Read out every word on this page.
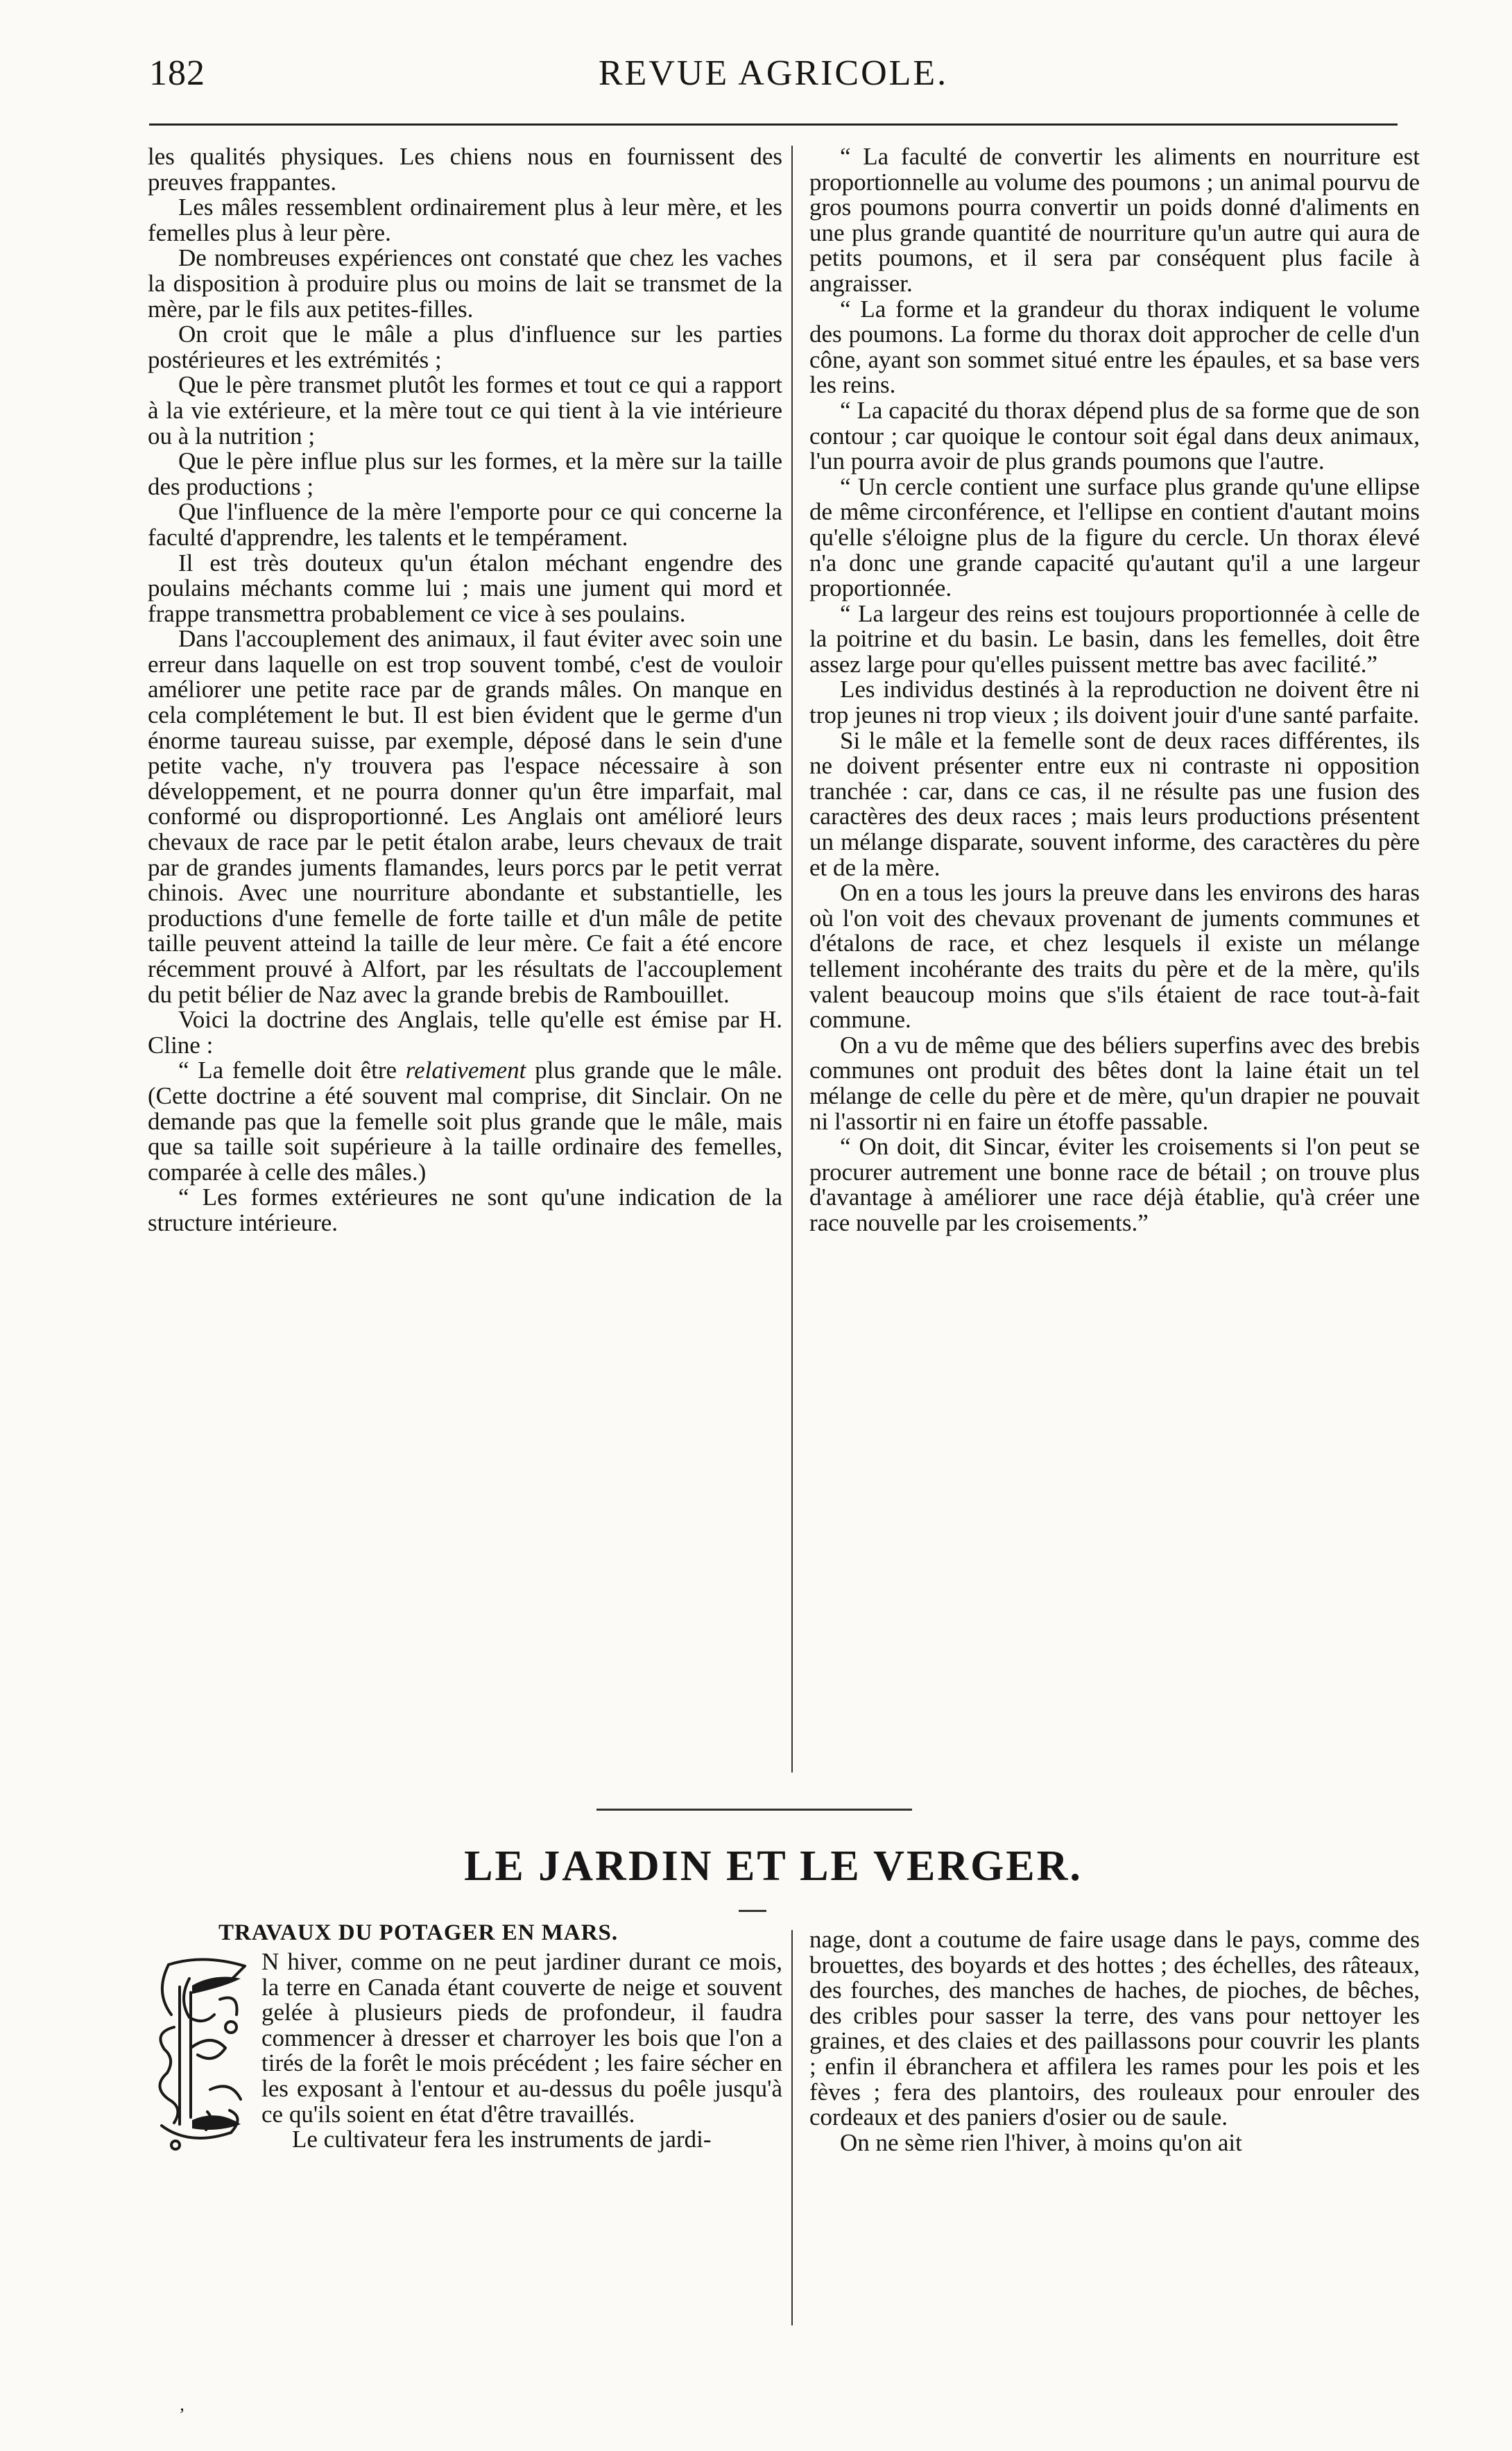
182	REVUE AGRICOLE.

les qualités physiques. Les chiens nous en fournissent des preuves frappantes.

Les mâles ressemblent ordinairement plus à leur mère, et les femelles plus à leur père.

De nombreuses expériences ont constaté que chez les vaches la disposition à produire plus ou moins de lait se transmet de la mère, par le fils aux petites-filles.

On croit que le mâle a plus d'influence sur les parties postérieures et les extrémités ;

Que le père transmet plutôt les formes et tout ce qui a rapport à la vie extérieure, et la mère tout ce qui tient à la vie intérieure ou à la nutrition ;

Que le père influe plus sur les formes, et la mère sur la taille des productions ;

Que l'influence de la mère l'emporte pour ce qui concerne la faculté d'apprendre, les talents et le tempérament.

Il est très douteux qu'un étalon méchant engendre des poulains méchants comme lui ; mais une jument qui mord et frappe transmettra probablement ce vice à ses poulains.

Dans l'accouplement des animaux, il faut éviter avec soin une erreur dans laquelle on est trop souvent tombé, c'est de vouloir améliorer une petite race par de grands mâles. On manque en cela complétement le but. Il est bien évident que le germe d'un énorme taureau suisse, par exemple, déposé dans le sein d'une petite vache, n'y trouvera pas l'espace nécessaire à son développement, et ne pourra donner qu'un être imparfait, mal conformé ou disproportionné. Les Anglais ont amélioré leurs chevaux de race par le petit étalon arabe, leurs chevaux de trait par de grandes juments flamandes, leurs porcs par le petit verrat chinois. Avec une nourriture abondante et substantielle, les productions d'une femelle de forte taille et d'un mâle de petite taille peuvent atteind la taille de leur mère. Ce fait a été encore récemment prouvé à Alfort, par les résultats de l'accouplement du petit bélier de Naz avec la grande brebis de Rambouillet.

Voici la doctrine des Anglais, telle qu'elle est émise par H. Cline :

“ La femelle doit être relativement plus grande que le mâle. (Cette doctrine a été souvent mal comprise, dit Sinclair. On ne demande pas que la femelle soit plus grande que le mâle, mais que sa taille soit supérieure à la taille ordinaire des femelles, comparée à celle des mâles.)

“ Les formes extérieures ne sont qu'une indication de la structure intérieure.

“ La faculté de convertir les aliments en nourriture est proportionnelle au volume des poumons ; un animal pourvu de gros poumons pourra convertir un poids donné d'aliments en une plus grande quantité de nourriture qu'un autre qui aura de petits poumons, et il sera par conséquent plus facile à angraisser.

“ La forme et la grandeur du thorax indiquent le volume des poumons. La forme du thorax doit approcher de celle d'un cône, ayant son sommet situé entre les épaules, et sa base vers les reins.

“ La capacité du thorax dépend plus de sa forme que de son contour ; car quoique le contour soit égal dans deux animaux, l'un pourra avoir de plus grands poumons que l'autre.

“ Un cercle contient une surface plus grande qu'une ellipse de même circonférence, et l'ellipse en contient d'autant moins qu'elle s'éloigne plus de la figure du cercle. Un thorax élevé n'a donc une grande capacité qu'autant qu'il a une largeur proportionnée.

“ La largeur des reins est toujours proportionnée à celle de la poitrine et du basin. Le basin, dans les femelles, doit être assez large pour qu'elles puissent mettre bas avec facilité.”

Les individus destinés à la reproduction ne doivent être ni trop jeunes ni trop vieux ; ils doivent jouir d'une santé parfaite.

Si le mâle et la femelle sont de deux races différentes, ils ne doivent présenter entre eux ni contraste ni opposition tranchée : car, dans ce cas, il ne résulte pas une fusion des caractères des deux races ; mais leurs productions présentent un mélange disparate, souvent informe, des caractères du père et de la mère.

On en a tous les jours la preuve dans les environs des haras où l'on voit des chevaux provenant de juments communes et d'étalons de race, et chez lesquels il existe un mélange tellement incohérante des traits du père et de la mère, qu'ils valent beaucoup moins que s'ils étaient de race tout-à-fait commune.

On a vu de même que des béliers superfins avec des brebis communes ont produit des bêtes dont la laine était un tel mélange de celle du père et de mère, qu'un drapier ne pouvait ni l'assortir ni en faire un étoffe passable.

“ On doit, dit Sincar, éviter les croisements si l'on peut se procurer autrement une bonne race de bétail ; on trouve plus d'avantage à améliorer une race déjà établie, qu'à créer une race nouvelle par les croisements.”

LE JARDIN ET LE VERGER.
TRAVAUX DU POTAGER EN MARS.

N hiver, comme on ne peut jardiner durant ce mois, la terre en Canada étant couverte de neige et souvent gelée à plusieurs pieds de profondeur, il faudra commencer à dresser et charroyer les bois que l'on a tirés de la forêt le mois précédent ; les faire sécher en les exposant à l'entour et au-dessus du poêle jusqu'à ce qu'ils soient en état d'être travaillés.

Le cultivateur fera les instruments de jardi-

nage, dont a coutume de faire usage dans le pays, comme des brouettes, des boyards et des hottes ; des échelles, des râteaux, des fourches, des manches de haches, de pioches, de bêches, des cribles pour sasser la terre, des vans pour nettoyer les graines, et des claies et des paillassons pour couvrir les plants ; enfin il ébranchera et affilera les rames pour les pois et les fèves ; fera des plantoirs, des rouleaux pour enrouler des cordeaux et des paniers d'osier ou de saule.

On ne sème rien l'hiver, à moins qu'on ait

’
